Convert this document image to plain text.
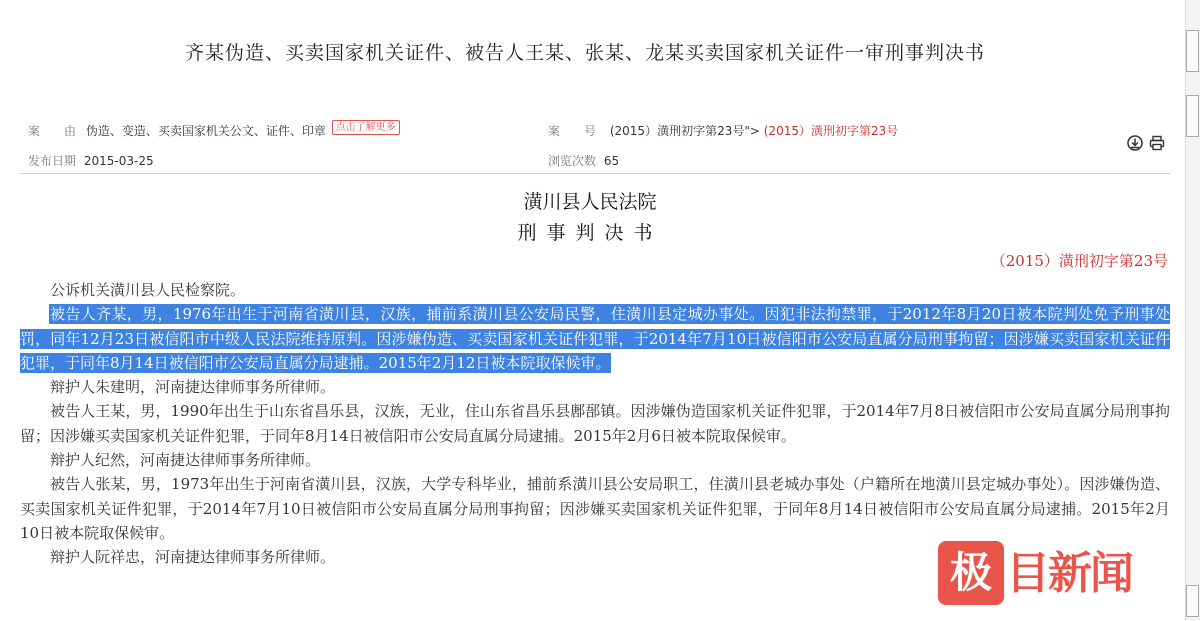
齐某伪造、买卖国家机关证件、被告人王某、张某、龙某买卖国家机关证件一审刑事判决书
案　　由 伪造、变造、买卖国家机关公文、证件、印章 点击了解更多	案　　号 (2015）潢刑初字第23号"> (2015）潢刑初字第23号
发布日期 2015-03-25	浏览次数 65
潢川县人民法院
刑事判决书
（2015）潢刑初字第23号

公诉机关潢川县人民检察院。

被告人齐某，男，1976年出生于河南省潢川县，汉族，捕前系潢川县公安局民警，住潢川县定城办事处。因犯非法拘禁罪，于2012年8月20日被本院判处免予刑事处罚，同年12月23日被信阳市中级人民法院维持原判。因涉嫌伪造、买卖国家机关证件犯罪，于2014年7月10日被信阳市公安局直属分局刑事拘留；因涉嫌买卖国家机关证件犯罪，于同年8月14日被信阳市公安局直属分局逮捕。2015年2月12日被本院取保候审。

辩护人朱建明，河南捷达律师事务所律师。

被告人王某，男，1990年出生于山东省昌乐县，汉族，无业，住山东省昌乐县鄌郚镇。因涉嫌伪造国家机关证件犯罪，于2014年7月8日被信阳市公安局直属分局刑事拘留；因涉嫌买卖国家机关证件犯罪，于同年8月14日被信阳市公安局直属分局逮捕。2015年2月6日被本院取保候审。

辩护人纪然，河南捷达律师事务所律师。

被告人张某，男，1973年出生于河南省潢川县，汉族，大学专科毕业，捕前系潢川县公安局职工，住潢川县老城办事处（户籍所在地潢川县定城办事处）。因涉嫌伪造、买卖国家机关证件犯罪，于2014年7月10日被信阳市公安局直属分局刑事拘留；因涉嫌买卖国家机关证件犯罪，于同年8月14日被信阳市公安局直属分局逮捕。2015年2月10日被本院取保候审。

辩护人阮祥忠，河南捷达律师事务所律师。	极 目新闻
